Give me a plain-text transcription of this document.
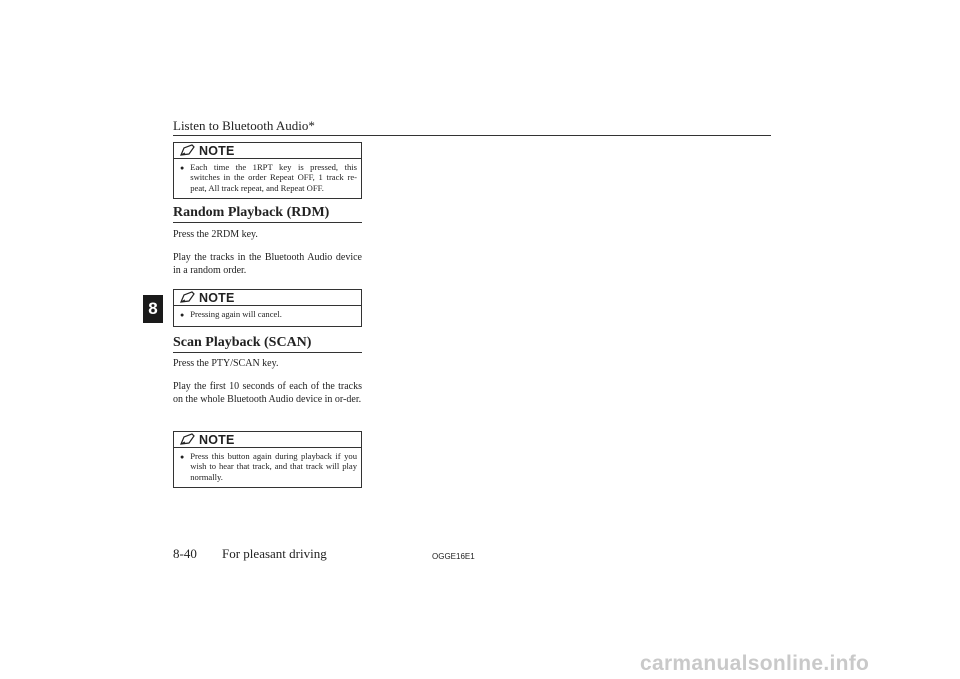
Listen to Bluetooth Audio*
8
NOTE
● Each time the 1RPT key is pressed, this switches in the order Repeat OFF, 1 track re-peat, All track repeat, and Repeat OFF.
Random Playback (RDM)
Press the 2RDM key.
Play the tracks in the Bluetooth Audio device in a random order.
NOTE
● Pressing again will cancel.
Scan Playback (SCAN)
Press the PTY/SCAN key.
Play the first 10 seconds of each of the tracks on the whole Bluetooth Audio device in or-der.
NOTE
● Press this button again during playback if you wish to hear that track, and that track will play normally.
8-40 For pleasant driving	OGGE16E1
carmanualsonline.info
